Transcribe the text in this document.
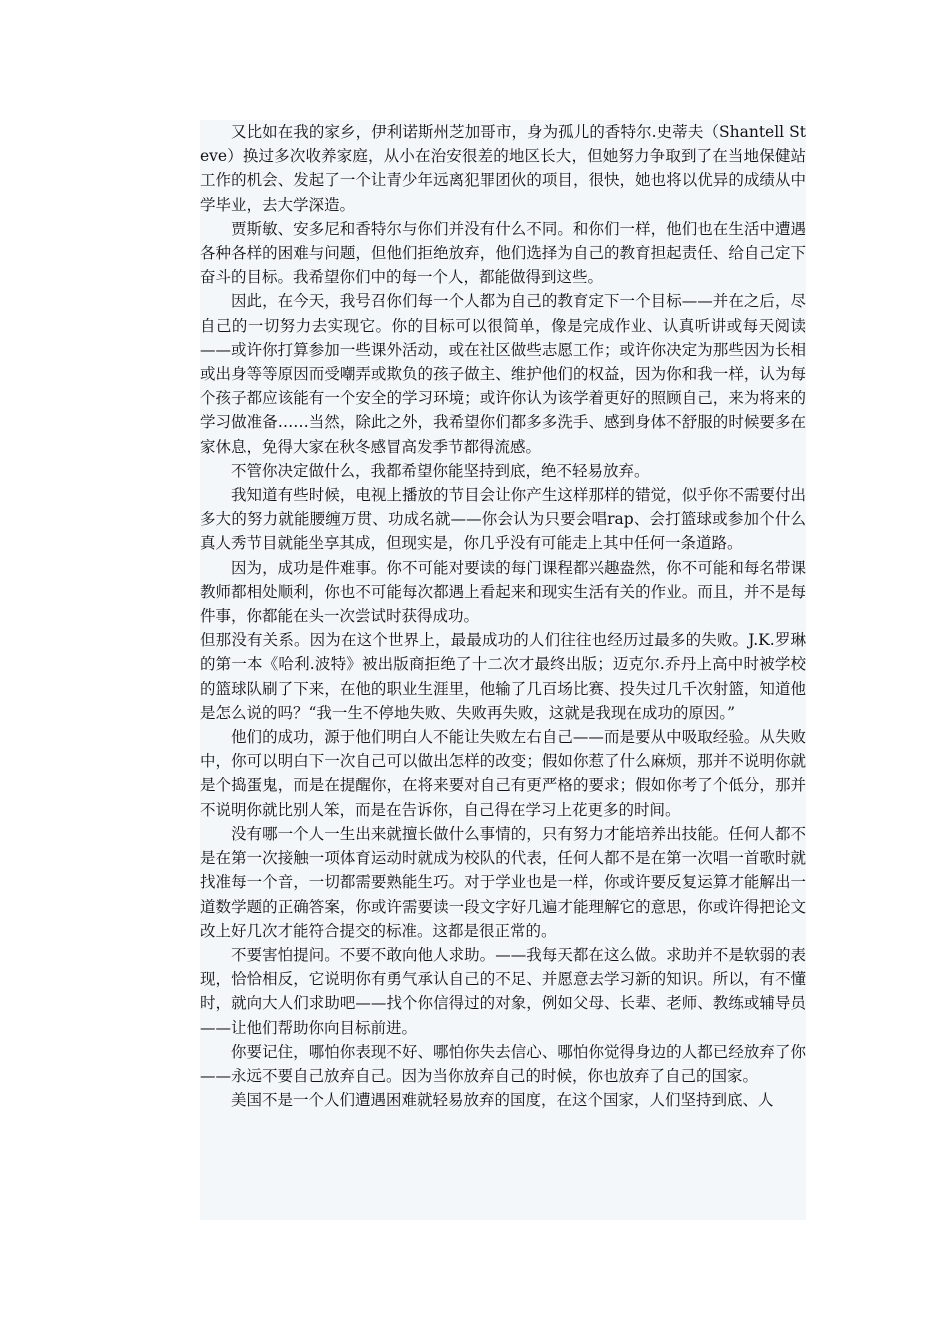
又比如在我的家乡，伊利诺斯州芝加哥市，身为孤儿的香特尔.史蒂夫（Shantell Steve）换过多次收养家庭，从小在治安很差的地区长大，但她努力争取到了在当地保健站工作的机会、发起了一个让青少年远离犯罪团伙的项目，很快，她也将以优异的成绩从中学毕业，去大学深造。

贾斯敏、安多尼和香特尔与你们并没有什么不同。和你们一样，他们也在生活中遭遇各种各样的困难与问题，但他们拒绝放弃，他们选择为自己的教育担起责任、给自己定下奋斗的目标。我希望你们中的每一个人，都能做得到这些。

因此，在今天，我号召你们每一个人都为自己的教育定下一个目标——并在之后，尽自己的一切努力去实现它。你的目标可以很简单，像是完成作业、认真听讲或每天阅读——或许你打算参加一些课外活动，或在社区做些志愿工作；或许你决定为那些因为长相或出身等等原因而受嘲弄或欺负的孩子做主、维护他们的权益，因为你和我一样，认为每个孩子都应该能有一个安全的学习环境；或许你认为该学着更好的照顾自己，来为将来的学习做准备……当然，除此之外，我希望你们都多多洗手、感到身体不舒服的时候要多在家休息，免得大家在秋冬感冒高发季节都得流感。

不管你决定做什么，我都希望你能坚持到底，绝不轻易放弃。

我知道有些时候，电视上播放的节目会让你产生这样那样的错觉，似乎你不需要付出多大的努力就能腰缠万贯、功成名就——你会认为只要会唱rap、会打篮球或参加个什么真人秀节目就能坐享其成，但现实是，你几乎没有可能走上其中任何一条道路。

因为，成功是件难事。你不可能对要读的每门课程都兴趣盎然，你不可能和每名带课教师都相处顺利，你也不可能每次都遇上看起来和现实生活有关的作业。而且，并不是每件事，你都能在头一次尝试时获得成功。

但那没有关系。因为在这个世界上，最最成功的人们往往也经历过最多的失败。J.K.罗琳的第一本《哈利.波特》被出版商拒绝了十二次才最终出版；迈克尔.乔丹上高中时被学校的篮球队刷了下来，在他的职业生涯里，他输了几百场比赛、投失过几千次射篮，知道他是怎么说的吗？“我一生不停地失败、失败再失败，这就是我现在成功的原因。”

他们的成功，源于他们明白人不能让失败左右自己——而是要从中吸取经验。从失败中，你可以明白下一次自己可以做出怎样的改变；假如你惹了什么麻烦，那并不说明你就是个捣蛋鬼，而是在提醒你，在将来要对自己有更严格的要求；假如你考了个低分，那并不说明你就比别人笨，而是在告诉你，自己得在学习上花更多的时间。

没有哪一个人一生出来就擅长做什么事情的，只有努力才能培养出技能。任何人都不是在第一次接触一项体育运动时就成为校队的代表，任何人都不是在第一次唱一首歌时就找准每一个音，一切都需要熟能生巧。对于学业也是一样，你或许要反复运算才能解出一道数学题的正确答案，你或许需要读一段文字好几遍才能理解它的意思，你或许得把论文改上好几次才能符合提交的标准。这都是很正常的。

不要害怕提问。不要不敢向他人求助。——我每天都在这么做。求助并不是软弱的表现，恰恰相反，它说明你有勇气承认自己的不足、并愿意去学习新的知识。所以，有不懂时，就向大人们求助吧——找个你信得过的对象，例如父母、长辈、老师、教练或辅导员——让他们帮助你向目标前进。

你要记住，哪怕你表现不好、哪怕你失去信心、哪怕你觉得身边的人都已经放弃了你——永远不要自己放弃自己。因为当你放弃自己的时候，你也放弃了自己的国家。

美国不是一个人们遭遇困难就轻易放弃的国度，在这个国家，人们坚持到底、人
